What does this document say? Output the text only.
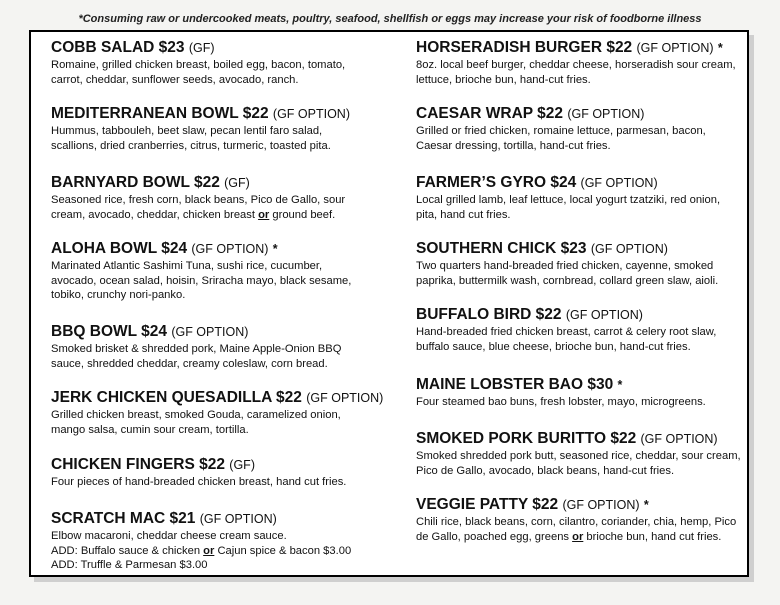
*Consuming raw or undercooked meats, poultry, seafood, shellfish or eggs may increase your risk of foodborne illness
COBB SALAD $23 (GF)
Romaine, grilled chicken breast, boiled egg, bacon, tomato,
carrot, cheddar, sunflower seeds, avocado, ranch.
MEDITERRANEAN BOWL $22 (GF OPTION)
Hummus, tabbouleh, beet slaw, pecan lentil faro salad,
scallions, dried cranberries, citrus, turmeric, toasted pita.
BARNYARD BOWL $22 (GF)
Seasoned rice, fresh corn, black beans, Pico de Gallo, sour
cream, avocado, cheddar, chicken breast or ground beef.
ALOHA BOWL $24 (GF OPTION) *
Marinated Atlantic Sashimi Tuna, sushi rice, cucumber,
avocado, ocean salad, hoisin, Sriracha mayo, black sesame,
tobiko, crunchy nori-panko.
BBQ BOWL $24 (GF OPTION)
Smoked brisket & shredded pork, Maine Apple-Onion BBQ
sauce, shredded cheddar, creamy coleslaw, corn bread.
JERK CHICKEN QUESADILLA $22 (GF OPTION)
Grilled chicken breast, smoked Gouda, caramelized onion,
mango salsa, cumin sour cream, tortilla.
CHICKEN FINGERS $22 (GF)
Four pieces of hand-breaded chicken breast, hand cut fries.
SCRATCH MAC $21 (GF OPTION)
Elbow macaroni, cheddar cheese cream sauce.
ADD: Buffalo sauce & chicken or Cajun spice & bacon $3.00
ADD: Truffle & Parmesan $3.00
HORSERADISH BURGER $22 (GF OPTION) *
8oz. local beef burger, cheddar cheese, horseradish sour cream,
lettuce, brioche bun, hand-cut fries.
CAESAR WRAP $22 (GF OPTION)
Grilled or fried chicken, romaine lettuce, parmesan, bacon,
Caesar dressing, tortilla, hand-cut fries.
FARMER’S GYRO $24 (GF OPTION)
Local grilled lamb, leaf lettuce, local yogurt tzatziki, red onion,
pita, hand cut fries.
SOUTHERN CHICK $23 (GF OPTION)
Two quarters hand-breaded fried chicken, cayenne, smoked
paprika, buttermilk wash, cornbread, collard green slaw, aioli.
BUFFALO BIRD $22 (GF OPTION)
Hand-breaded fried chicken breast, carrot & celery root slaw,
buffalo sauce, blue cheese, brioche bun, hand-cut fries.
MAINE LOBSTER BAO $30 *
Four steamed bao buns, fresh lobster, mayo, microgreens.
SMOKED PORK BURITTO $22 (GF OPTION)
Smoked shredded pork butt, seasoned rice, cheddar, sour cream,
Pico de Gallo, avocado, black beans, hand-cut fries.
VEGGIE PATTY $22 (GF OPTION) *
Chili rice, black beans, corn, cilantro, coriander, chia, hemp, Pico
de Gallo, poached egg, greens or brioche bun, hand cut fries.
